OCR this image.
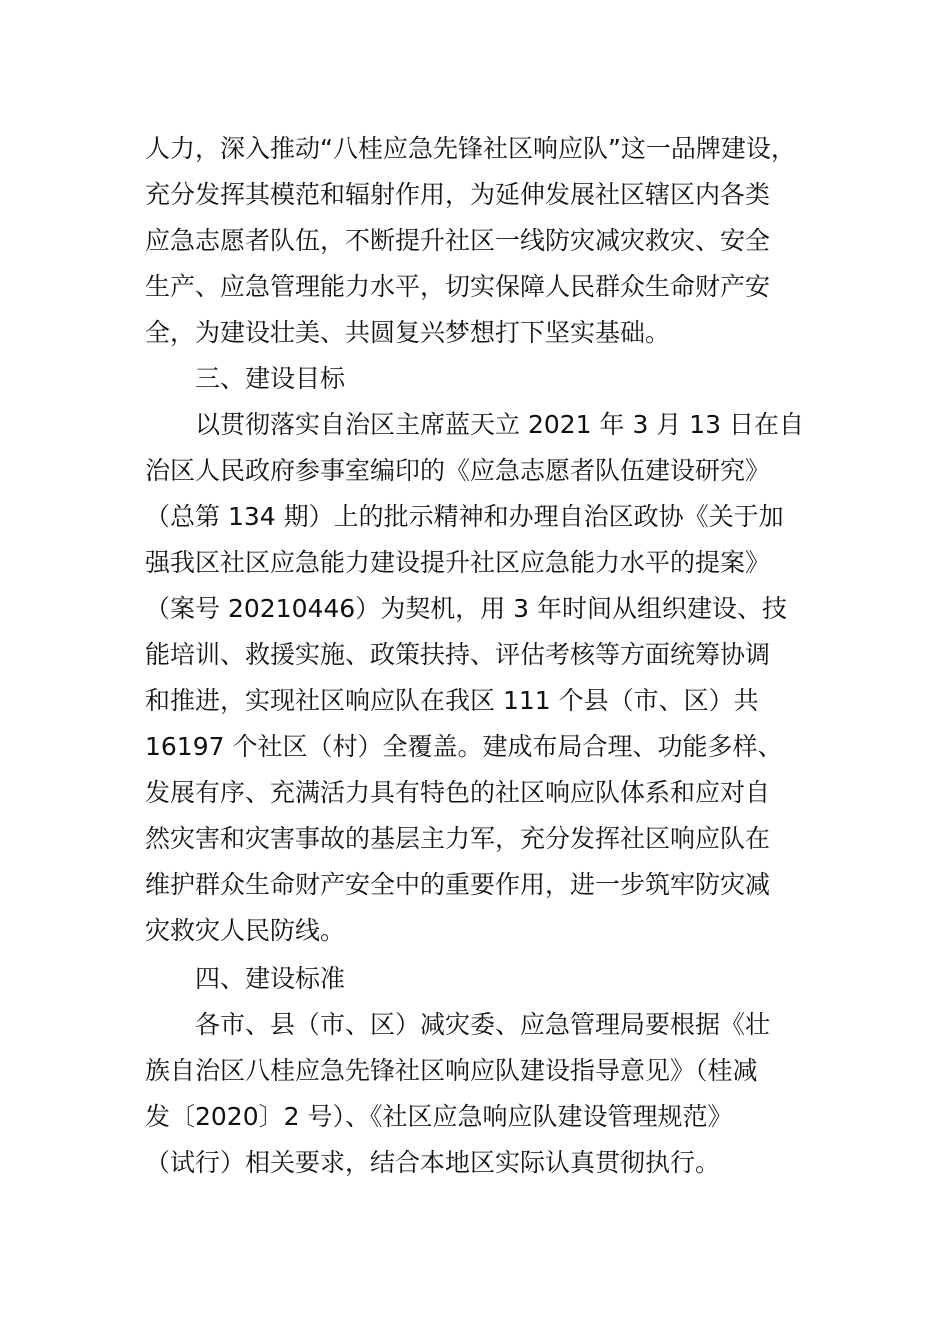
人力，深入推动“八桂应急先锋社区响应队”这一品牌建设，
充分发挥其模范和辐射作用，为延伸发展社区辖区内各类
应急志愿者队伍，不断提升社区一线防灾减灾救灾、安全
生产、应急管理能力水平，切实保障人民群众生命财产安
全，为建设壮美、共圆复兴梦想打下坚实基础。
三、建设目标
以贯彻落实自治区主席蓝天立 2021 年 3 月 13 日在自
治区人民政府参事室编印的《应急志愿者队伍建设研究》
（总第 134 期）上的批示精神和办理自治区政协《关于加
强我区社区应急能力建设提升社区应急能力水平的提案》
（案号 20210446）为契机，用 3 年时间从组织建设、技
能培训、救援实施、政策扶持、评估考核等方面统筹协调
和推进，实现社区响应队在我区 111 个县（市、区）共
16197 个社区（村）全覆盖。建成布局合理、功能多样、
发展有序、充满活力具有特色的社区响应队体系和应对自
然灾害和灾害事故的基层主力军，充分发挥社区响应队在
维护群众生命财产安全中的重要作用，进一步筑牢防灾减
灾救灾人民防线。
四、建设标准
各市、县（市、区）减灾委、应急管理局要根据《壮
族自治区八桂应急先锋社区响应队建设指导意见》（桂减
发〔2020〕2 号）、《社区应急响应队建设管理规范》
（试行）相关要求，结合本地区实际认真贯彻执行。
